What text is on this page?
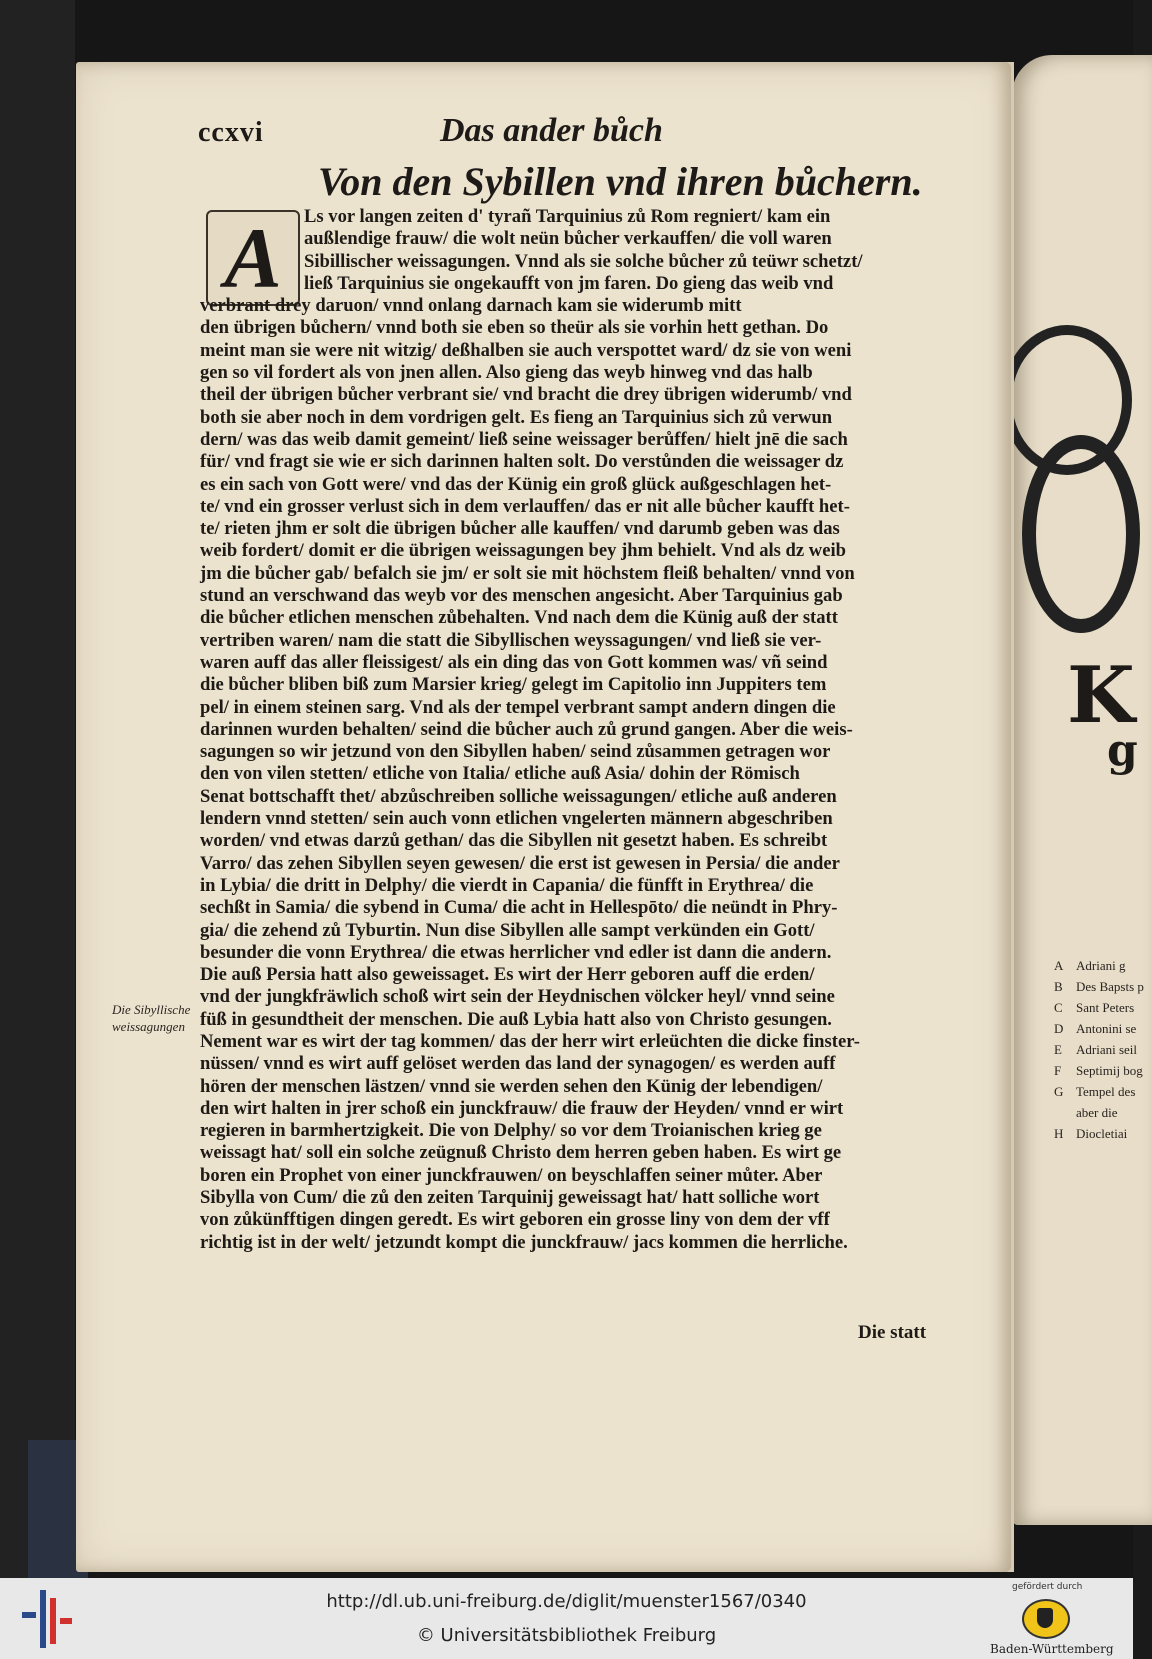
K
g
A Adriani g
B Des Bapsts p
C Sant Peters
D Antonini se
E Adriani seil
F Septimij bog
G Tempel des
aber die
H Diocletiai
ccxvi	Das ander bůch
Von den Sybillen vnd ihren bůchern.
A	Ls vor langen zeiten d' tyrañ Tarquinius zů Rom regniert/ kam ein
außlendige frauw/ die wolt neün bůcher verkauffen/ die voll waren
Sibillischer weissagungen. Vnnd als sie solche bůcher zů teüwr schetzt/
ließ Tarquinius sie ongekaufft von jm faren. Do gieng das weib vnd
verbrant drey daruon/ vnnd onlang darnach kam sie widerumb mitt
den übrigen bůchern/ vnnd both sie eben so theür als sie vorhin hett gethan. Do
meint man sie were nit witzig/ deßhalben sie auch verspottet ward/ dz sie von weni
gen so vil fordert als von jnen allen. Also gieng das weyb hinweg vnd das halb
theil der übrigen bůcher verbrant sie/ vnd bracht die drey übrigen widerumb/ vnd
both sie aber noch in dem vordrigen gelt. Es fieng an Tarquinius sich zů verwun
dern/ was das weib damit gemeint/ ließ seine weissager berůffen/ hielt jnē die sach
für/ vnd fragt sie wie er sich darinnen halten solt. Do verstůnden die weissager dz
es ein sach von Gott were/ vnd das der Künig ein groß glück außgeschlagen het-
te/ vnd ein grosser verlust sich in dem verlauffen/ das er nit alle bůcher kaufft het-
te/ rieten jhm er solt die übrigen bůcher alle kauffen/ vnd darumb geben was das
weib fordert/ domit er die übrigen weissagungen bey jhm behielt. Vnd als dz weib
jm die bůcher gab/ befalch sie jm/ er solt sie mit höchstem fleiß behalten/ vnnd von
stund an verschwand das weyb vor des menschen angesicht. Aber Tarquinius gab
die bůcher etlichen menschen zůbehalten. Vnd nach dem die Künig auß der statt
vertriben waren/ nam die statt die Sibyllischen weyssagungen/ vnd ließ sie ver-
waren auff das aller fleissigest/ als ein ding das von Gott kommen was/ vñ seind
die bůcher bliben biß zum Marsier krieg/ gelegt im Capitolio inn Juppiters tem
pel/ in einem steinen sarg. Vnd als der tempel verbrant sampt andern dingen die
darinnen wurden behalten/ seind die bůcher auch zů grund gangen. Aber die weis-
sagungen so wir jetzund von den Sibyllen haben/ seind zůsammen getragen wor
den von vilen stetten/ etliche von Italia/ etliche auß Asia/ dohin der Römisch
Senat bottschafft thet/ abzůschreiben solliche weissagungen/ etliche auß anderen
lendern vnnd stetten/ sein auch vonn etlichen vngelerten männern abgeschriben
worden/ vnd etwas darzů gethan/ das die Sibyllen nit gesetzt haben. Es schreibt
Varro/ das zehen Sibyllen seyen gewesen/ die erst ist gewesen in Persia/ die ander
in Lybia/ die dritt in Delphy/ die vierdt in Capania/ die fünfft in Erythrea/ die
sechßt in Samia/ die sybend in Cuma/ die acht in Hellespōto/ die neündt in Phry-
gia/ die zehend zů Tyburtin. Nun dise Sibyllen alle sampt verkünden ein Gott/
besunder die vonn Erythrea/ die etwas herrlicher vnd edler ist dann die andern.
Die auß Persia hatt also geweissaget. Es wirt der Herr geboren auff die erden/
vnd der jungkfräwlich schoß wirt sein der Heydnischen völcker heyl/ vnnd seine
füß in gesundtheit der menschen. Die auß Lybia hatt also von Christo gesungen.
Nement war es wirt der tag kommen/ das der herr wirt erleüchten die dicke finster-
nüssen/ vnnd es wirt auff gelöset werden das land der synagogen/ es werden auff
hören der menschen lästzen/ vnnd sie werden sehen den Künig der lebendigen/
den wirt halten in jrer schoß ein junckfrauw/ die frauw der Heyden/ vnnd er wirt
regieren in barmhertzigkeit. Die von Delphy/ so vor dem Troianischen krieg ge
weissagt hat/ soll ein solche zeügnuß Christo dem herren geben haben. Es wirt ge
boren ein Prophet von einer junckfrauwen/ on beyschlaffen seiner můter. Aber
Sibylla von Cum/ die zů den zeiten Tarquinij geweissagt hat/ hatt solliche wort
von zůkünfftigen dingen geredt. Es wirt geboren ein grosse liny von dem der vff
richtig ist in der welt/ jetzundt kompt die junckfrauw/ jacs kommen die herrliche.
Die Sibyllische
weissagungen
Die statt
http://dl.ub.uni-freiburg.de/diglit/muenster1567/0340
© Universitätsbibliothek Freiburg
gefördert durch
Baden-Württemberg
